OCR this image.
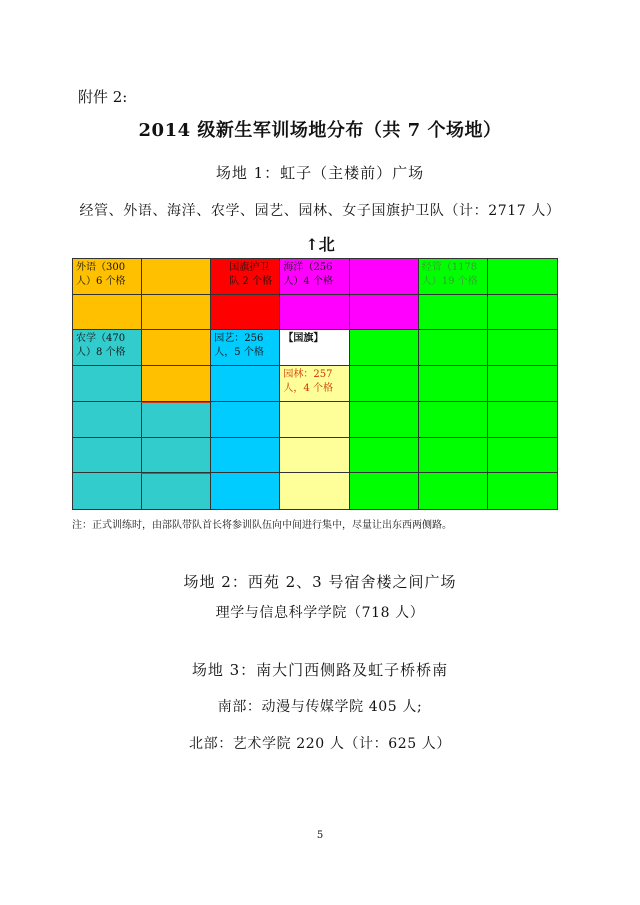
附件 2:
2014 级新生军训场地分布（共 7 个场地）
场地 1：虹子（主楼前）广场
经管、外语、海洋、农学、园艺、园林、女子国旗护卫队（计：2717 人）
↑北
外语（300 人）6 个格
国旗护卫队 2 个格
海洋（256 人）4 个格
经管（1178 人）19 个格
农学（470 人）8 个格
园艺：256 人，5 个格
【国旗】
园林：257 人，4 个格
注：正式训练时，由部队带队首长将参训队伍向中间进行集中，尽量让出东西两侧路。
场地 2：西苑 2、3 号宿舍楼之间广场
理学与信息科学学院（718 人）
场地 3：南大门西侧路及虹子桥桥南
南部：动漫与传媒学院 405 人;
北部：艺术学院 220 人（计：625 人）
5
